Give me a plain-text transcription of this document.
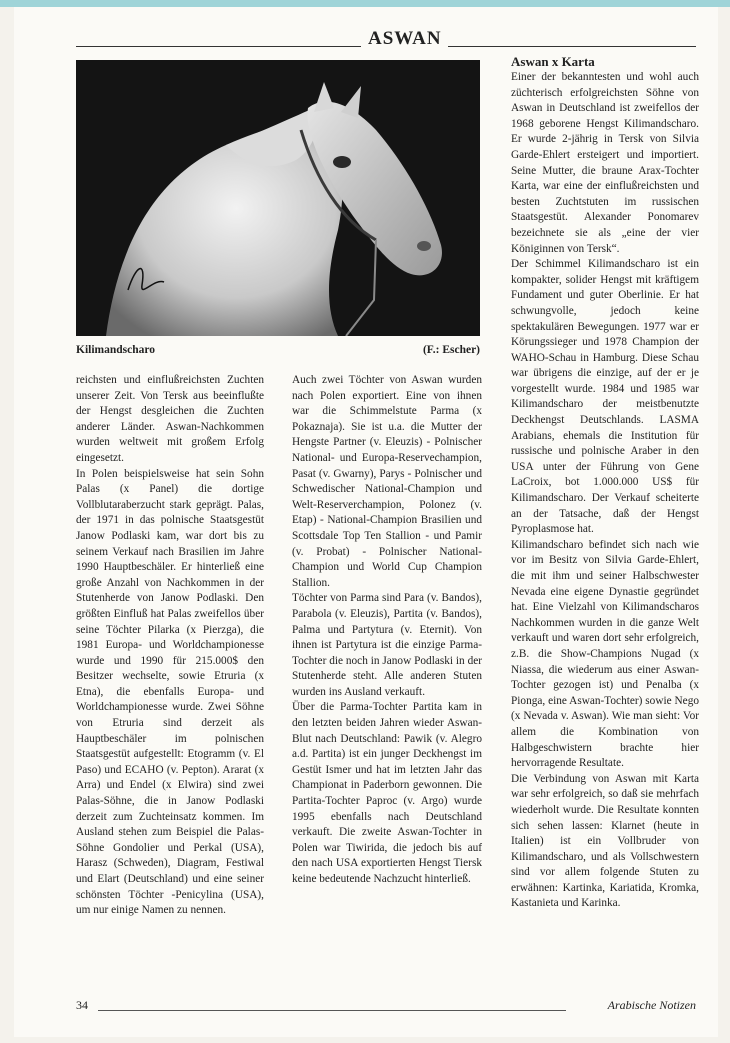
ASWAN
Kilimandscharo	(F.: Escher)

reichsten und einflußreichsten Zuchten unserer Zeit. Von Tersk aus beeinflußte der Hengst desgleichen die Zuchten anderer Länder. Aswan-Nachkommen wurden weltweit mit großem Erfolg eingesetzt.

In Polen beispielsweise hat sein Sohn Palas (x Panel) die dortige Vollblutaraberzucht stark geprägt. Palas, der 1971 in das polnische Staatsgestüt Janow Podlaski kam, war dort bis zu seinem Verkauf nach Brasilien im Jahre 1990 Hauptbeschäler. Er hinterließ eine große Anzahl von Nachkommen in der Stutenherde von Janow Podlaski. Den größten Einfluß hat Palas zweifellos über seine Töchter Pilarka (x Pierzga), die 1981 Europa- und Worldchampionesse wurde und 1990 für 215.000$ den Besitzer wechselte, sowie Etruria (x Etna), die ebenfalls Europa- und Worldchampionesse wurde. Zwei Söhne von Etruria sind derzeit als Hauptbeschäler im polnischen Staatsgestüt aufgestellt: Etogramm (v. El Paso) und ECAHO (v. Pepton). Ararat (x Arra) und Endel (x Elwira) sind zwei Palas-Söhne, die in Janow Podlaski derzeit zum Zuchteinsatz kommen. Im Ausland stehen zum Beispiel die Palas-Söhne Gondolier und Perkal (USA), Harasz (Schweden), Diagram, Festiwal und Elart (Deutschland) und eine seiner schönsten Töchter -Penicylina (USA), um nur einige Namen zu nennen.

Auch zwei Töchter von Aswan wurden nach Polen exportiert. Eine von ihnen war die Schimmelstute Parma (x Pokaznaja). Sie ist u.a. die Mutter der Hengste Partner (v. Eleuzis) - Polnischer National- und Europa-Reservechampion, Pasat (v. Gwarny), Parys - Polnischer und Schwedischer National-Champion und Welt-Reserverchampion, Polonez (v. Etap) - National-Champion Brasilien und Scottsdale Top Ten Stallion - und Pamir (v. Probat) - Polnischer National-Champion und World Cup Champion Stallion.

Töchter von Parma sind Para (v. Bandos), Parabola (v. Eleuzis), Partita (v. Bandos), Palma und Partytura (v. Eternit). Von ihnen ist Partytura ist die einzige Parma-Tochter die noch in Janow Podlaski in der Stutenherde steht. Alle anderen Stuten wurden ins Ausland verkauft.

Über die Parma-Tochter Partita kam in den letzten beiden Jahren wieder Aswan-Blut nach Deutschland: Pawik (v. Alegro a.d. Partita) ist ein junger Deckhengst im Gestüt Ismer und hat im letzten Jahr das Championat in Paderborn gewonnen. Die Partita-Tochter Paproc (v. Argo) wurde 1995 ebenfalls nach Deutschland verkauft. Die zweite Aswan-Tochter in Polen war Tiwirida, die jedoch bis auf den nach USA exportierten Hengst Tiersk keine bedeutende Nachzucht hinterließ.

Aswan x Karta

Einer der bekanntesten und wohl auch züchterisch erfolgreichsten Söhne von Aswan in Deutschland ist zweifellos der 1968 geborene Hengst Kilimandscharo. Er wurde 2-jährig in Tersk von Silvia Garde-Ehlert ersteigert und importiert. Seine Mutter, die braune Arax-Tochter Karta, war eine der einflußreichsten und besten Zuchtstuten im russischen Staatsgestüt. Alexander Ponomarev bezeichnete sie als „eine der vier Königinnen von Tersk“.

Der Schimmel Kilimandscharo ist ein kompakter, solider Hengst mit kräftigem Fundament und guter Oberlinie. Er hat schwungvolle, jedoch keine spektakulären Bewegungen. 1977 war er Körungssieger und 1978 Champion der WAHO-Schau in Hamburg. Diese Schau war übrigens die einzige, auf der er je vorgestellt wurde. 1984 und 1985 war Kilimandscharo der meistbenutzte Deckhengst Deutschlands. LASMA Arabians, ehemals die Institution für russische und polnische Araber in den USA unter der Führung von Gene LaCroix, bot 1.000.000 US$ für Kilimandscharo. Der Verkauf scheiterte an der Tatsache, daß der Hengst Pyroplasmose hat.

Kilimandscharo befindet sich nach wie vor im Besitz von Silvia Garde-Ehlert, die mit ihm und seiner Halbschwester Nevada eine eigene Dynastie gegründet hat. Eine Vielzahl von Kilimandscharos Nachkommen wurden in die ganze Welt verkauft und waren dort sehr erfolgreich, z.B. die Show-Champions Nugad (x Niassa, die wiederum aus einer Aswan-Tochter gezogen ist) und Penalba (x Pionga, eine Aswan-Tochter) sowie Nego (x Nevada v. Aswan). Wie man sieht: Vor allem die Kombination von Halbgeschwistern brachte hier hervorragende Resultate.

Die Verbindung von Aswan mit Karta war sehr erfolgreich, so daß sie mehrfach wiederholt wurde. Die Resultate konnten sich sehen lassen: Klarnet (heute in Italien) ist ein Vollbruder von Kilimandscharo, und als Vollschwestern sind vor allem folgende Stuten zu erwähnen: Kartinka, Kariatida, Kromka, Kastanieta und Karinka.

34	Arabische Notizen
